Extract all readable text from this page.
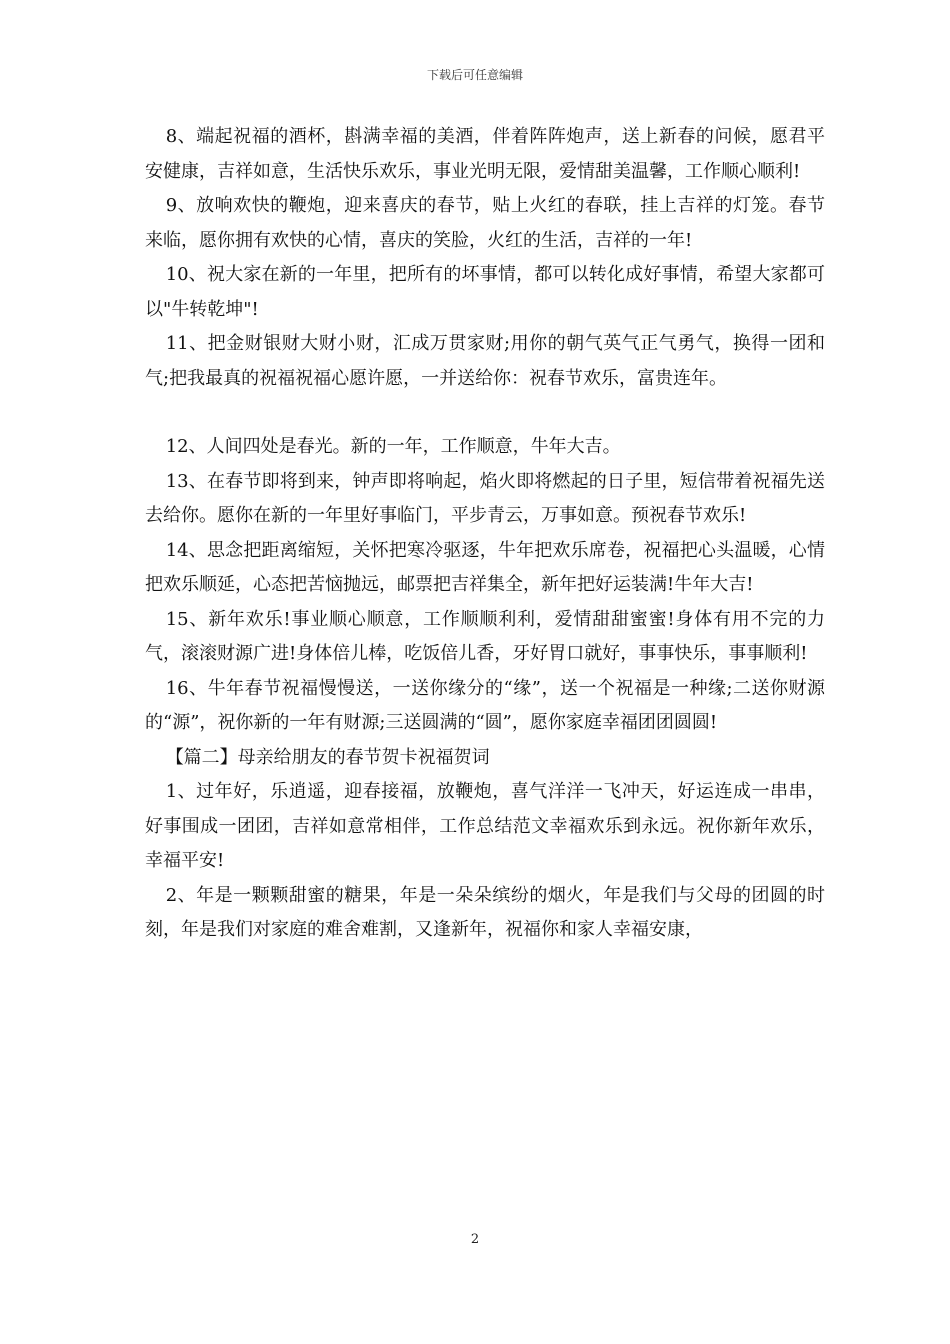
下载后可任意编辑

8、端起祝福的酒杯，斟满幸福的美酒，伴着阵阵炮声，送上新春的问候，愿君平安健康，吉祥如意，生活快乐欢乐，事业光明无限，爱情甜美温馨，工作顺心顺利!

9、放响欢快的鞭炮，迎来喜庆的春节，贴上火红的春联，挂上吉祥的灯笼。春节来临，愿你拥有欢快的心情，喜庆的笑脸，火红的生活，吉祥的一年!

10、祝大家在新的一年里，把所有的坏事情，都可以转化成好事情，希望大家都可以"牛转乾坤"!

11、把金财银财大财小财，汇成万贯家财;用你的朝气英气正气勇气，换得一团和气;把我最真的祝福祝福心愿许愿，一并送给你：祝春节欢乐，富贵连年。

12、人间四处是春光。新的一年，工作顺意，牛年大吉。

13、在春节即将到来，钟声即将响起，焰火即将燃起的日子里，短信带着祝福先送去给你。愿你在新的一年里好事临门，平步青云，万事如意。预祝春节欢乐!

14、思念把距离缩短，关怀把寒冷驱逐，牛年把欢乐席卷，祝福把心头温暖，心情把欢乐顺延，心态把苦恼抛远，邮票把吉祥集全，新年把好运装满!牛年大吉!

15、新年欢乐!事业顺心顺意，工作顺顺利利，爱情甜甜蜜蜜!身体有用不完的力气，滚滚财源广进!身体倍儿棒，吃饭倍儿香，牙好胃口就好，事事快乐，事事顺利!

16、牛年春节祝福慢慢送，一送你缘分的“缘”，送一个祝福是一种缘;二送你财源的“源”，祝你新的一年有财源;三送圆满的“圆”，愿你家庭幸福团团圆圆!

【篇二】母亲给朋友的春节贺卡祝福贺词

1、过年好，乐逍遥，迎春接福，放鞭炮，喜气洋洋一飞冲天，好运连成一串串，好事围成一团团，吉祥如意常相伴，工作总结范文幸福欢乐到永远。祝你新年欢乐，幸福平安!

2、年是一颗颗甜蜜的糖果，年是一朵朵缤纷的烟火，年是我们与父母的团圆的时刻，年是我们对家庭的难舍难割，又逢新年，祝福你和家人幸福安康，

2
